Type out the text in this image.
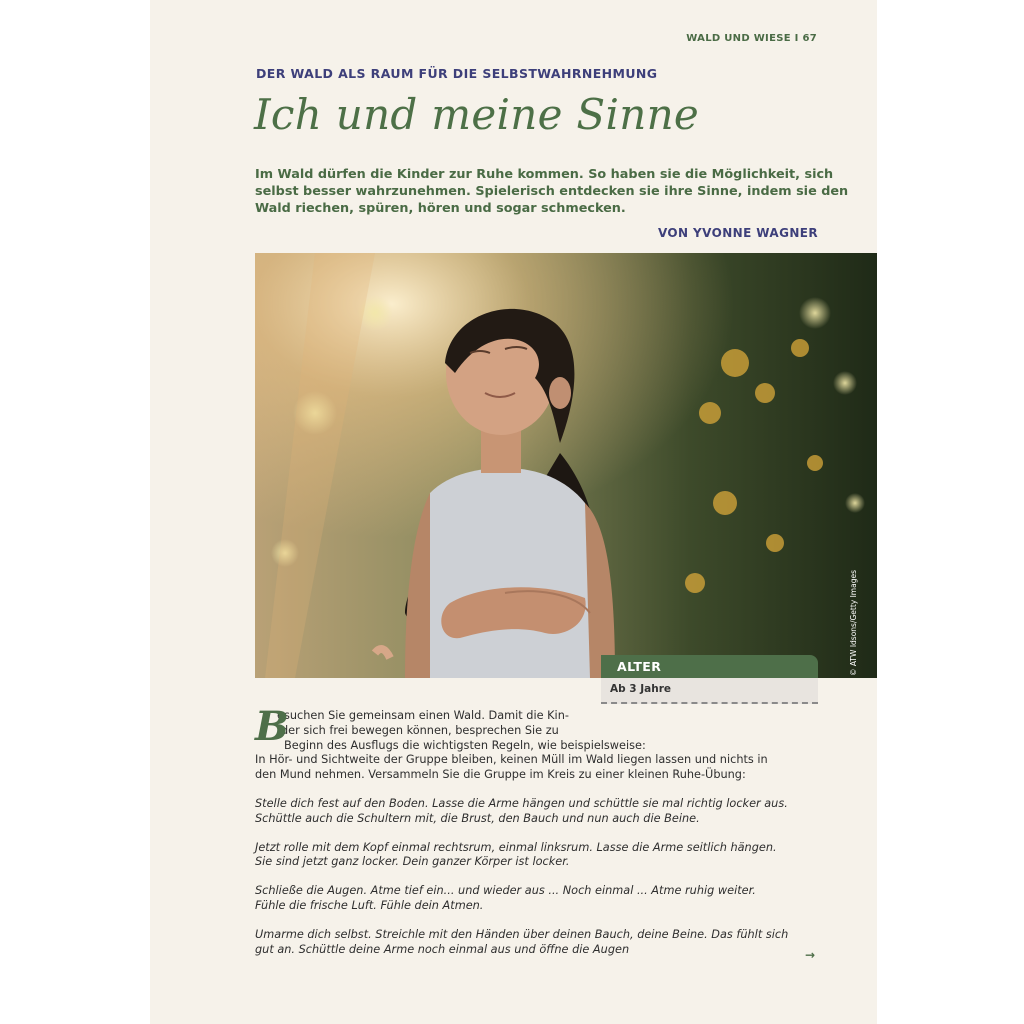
WALD UND WIESE I 67
DER WALD ALS RAUM FÜR DIE SELBSTWAHRNEHMUNG
Ich und meine Sinne
Im Wald dürfen die Kinder zur Ruhe kommen. So haben sie die Möglichkeit, sich
selbst besser wahrzunehmen. Spielerisch entdecken sie ihre Sinne, indem sie den
Wald riechen, spüren, hören und sogar schmecken.
VON YVONNE WAGNER
© ATW Idsons/Getty Images
ALTER
Ab 3 Jahre
B
esuchen Sie gemeinsam einen Wald. Damit die Kin-
der sich frei bewegen können, besprechen Sie zu
Beginn des Ausflugs die wichtigsten Regeln, wie beispielsweise:
In Hör- und Sichtweite der Gruppe bleiben, keinen Müll im Wald liegen lassen und nichts in
den Mund nehmen. Versammeln Sie die Gruppe im Kreis zu einer kleinen Ruhe-Übung:
Stelle dich fest auf den Boden. Lasse die Arme hängen und schüttle sie mal richtig locker aus.
Schüttle auch die Schultern mit, die Brust, den Bauch und nun auch die Beine.
Jetzt rolle mit dem Kopf einmal rechtsrum, einmal linksrum. Lasse die Arme seitlich hängen.
Sie sind jetzt ganz locker. Dein ganzer Körper ist locker.
Schließe die Augen. Atme tief ein... und wieder aus ... Noch einmal ... Atme ruhig weiter.
Fühle die frische Luft. Fühle dein Atmen.
Umarme dich selbst. Streichle mit den Händen über deinen Bauch, deine Beine. Das fühlt sich
gut an. Schüttle deine Arme noch einmal aus und öffne die Augen	→
